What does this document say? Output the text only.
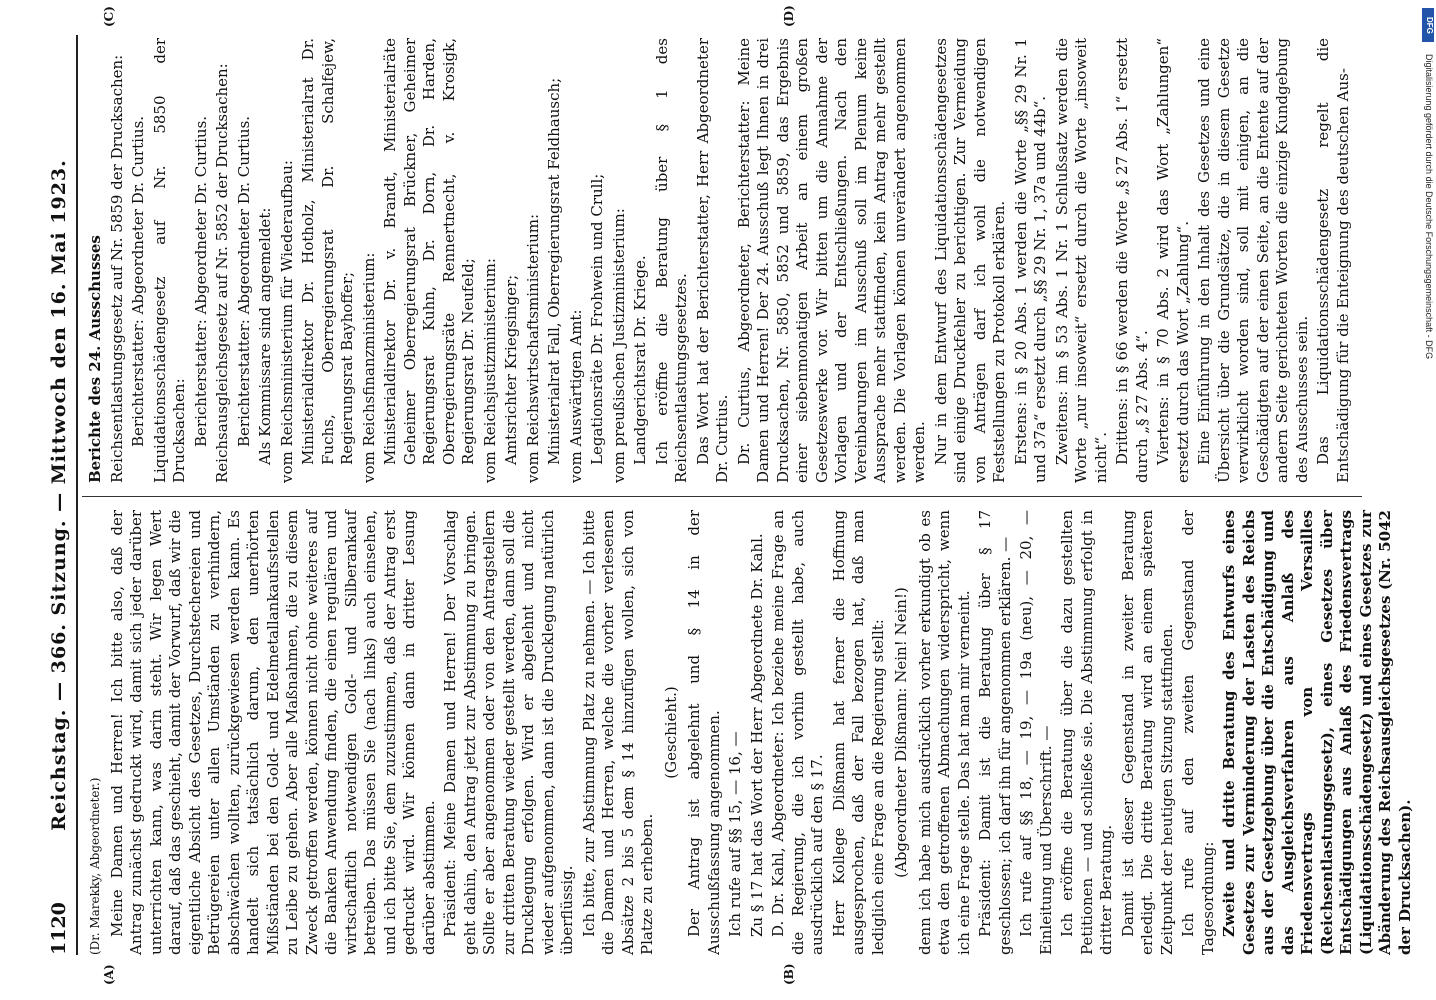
1120
Reichstag. — 366. Sitzung. — Mittwoch den 16. Mai 1923.
(A)	(B)
(C)	(D)

(Dr. Marekky, Abgeordneter.) Meine Damen und Herren! Ich bitte also, daß der Antrag zunächst gedruckt wird, damit sich jeder darüber unterrichten kann, was darin steht. Wir legen Wert darauf, daß das geschieht, damit der Vorwurf, daß wir die eigentliche Absicht des Gesetzes, Durchstechereien und Betrügereien unter allen Umständen zu verhindern, abschwächen wollten, zurückgewiesen werden kann. Es handelt sich tatsächlich darum, den unerhörten Mißständen bei den Gold- und Edelmetallankaufsstellen zu Leibe zu gehen. Aber alle Maßnahmen, die zu diesem Zweck getroffen werden, können nicht ohne weiteres auf die Banken Anwendung finden, die einen regulären und wirtschaftlich notwendigen Gold- und Silberankauf betreiben. Das müssen Sie (nach links) auch einsehen, und ich bitte Sie, dem zuzustimmen, daß der Antrag erst gedruckt wird. Wir können dann in dritter Lesung darüber abstimmen. Präsident: Meine Damen und Herren! Der Vorschlag geht dahin, den Antrag jetzt zur Abstimmung zu bringen. Sollte er aber angenommen oder von den Antragstellern zur dritten Beratung wieder gestellt werden, dann soll die Drucklegung erfolgen. Wird er abgelehnt und nicht wieder aufgenommen, dann ist die Drucklegung natürlich überflüssig. Ich bitte, zur Abstimmung Platz zu nehmen. — Ich bitte die Damen und Herren, welche die vorher verlesenen Absätze 2 bis 5 dem § 14 hinzufügen wollen, sich von Platze zu erheben.

(Geschieht.) Der Antrag ist abgelehnt und § 14 in der Ausschußfassung angenommen. Ich rufe auf §§ 15, — 16, — Zu § 17 hat das Wort der Herr Abgeordnete Dr. Kahl. D. Dr. Kahl, Abgeordneter: Ich beziehe meine Frage an die Regierung, die ich vorhin gestellt habe, auch ausdrücklich auf den § 17. Herr Kollege Dißmann hat ferner die Hoffnung ausgesprochen, daß der Fall bezogen hat, daß man lediglich eine Frage an die Regierung stellt: (Abgeordneter Dißmann: Nein! Nein!) denn ich habe mich ausdrücklich vorher erkundigt ob es etwa den getroffenen Abmachungen widerspricht, wenn ich eine Frage stelle. Das hat man mir verneint. Präsident: Damit ist die Beratung über § 17 geschlossen; ich darf ihn für angenommen erklären. — Ich rufe auf §§ 18, — 19, — 19a (neu), — 20, — Einleitung und Überschrift. — Ich eröffne die Beratung über die dazu gestellten Petitionen — und schließe sie. Die Abstimmung erfolgt in dritter Beratung. Damit ist dieser Gegenstand in zweiter Beratung erledigt. Die dritte Beratung wird an einem späteren Zeitpunkt der heutigen Sitzung stattfinden. Ich rufe auf den zweiten Gegenstand der Tagesordnung: Zweite und dritte Beratung des Entwurfs eines Gesetzes zur Verminderung der Lasten des Reichs aus der Gesetzgebung über die Entschädigung und das Ausgleichsverfahren aus Anlaß des Friedensvertrags von Versailles (Reichsentlastungsgesetz), eines Gesetzes über Entschädigungen aus Anlaß des Friedensvertrags (Liquidationsschädengesetz) und eines Gesetzes zur Abänderung des Reichsausgleichsgesetzes (Nr. 5042 der Drucksachen).

Berichte des 24. Ausschusses Reichsentlastungsgesetz auf Nr. 5859 der Drucksachen: Berichterstatter: Abgeordneter Dr. Curtius. Liquidationsschädengesetz auf Nr. 5850 der Drucksachen: Berichterstatter: Abgeordneter Dr. Curtius. Reichsausgleichsgesetz auf Nr. 5852 der Drucksachen: Berichterstatter: Abgeordneter Dr. Curtius. Als Kommissare sind angemeldet: vom Reichsministerium für Wiederaufbau: Ministerialdirektor Dr. Hotholz, Ministerialrat Dr. Fuchs, Oberregierungsrat Dr. Schalfejew, Regierungsrat Bayhoffer; vom Reichsfinanzministerium: Ministerialdirektor Dr. v. Brandt, Ministerialräte Geheimer Oberregierungsrat Brückner, Geheimer Regierungsrat Kuhn, Dr. Dorn, Dr. Harden, Oberregierungsräte Rennertnecht, v. Krosigk, Regierungsrat Dr. Neufeld; vom Reichsjustizministerium: Amtsrichter Kriegsinger; vom Reichswirtschaftsministerium: Ministerialrat Fall, Oberregierungsrat Feldhausch; vom Auswärtigen Amt: Legationsräte Dr. Frohwein und Crull; vom preußischen Justizministerium: Landgerichtsrat Dr. Kriege. Ich eröffne die Beratung über § 1 des Reichsentlastungsgesetzes. Das Wort hat der Berichterstatter, Herr Abgeordneter Dr. Curtius. Dr. Curtius, Abgeordneter, Berichterstatter: Meine Damen und Herren! Der 24. Ausschuß legt Ihnen in drei Drucksachen, Nr. 5850, 5852 und 5859, das Ergebnis einer siebenmonatigen Arbeit an einem großen Gesetzeswerke vor. Wir bitten um die Annahme der Vorlagen und der Entschließungen. Nach den Vereinbarungen im Ausschuß soll im Plenum keine Aussprache mehr stattfinden, kein Antrag mehr gestellt werden. Die Vorlagen können unverändert angenommen werden. Nur in dem Entwurf des Liquidationsschädengesetzes sind einige Druckfehler zu berichtigen. Zur Vermeidung von Anträgen darf ich wohl die notwendigen Feststellungen zu Protokoll erklären. Erstens: in § 20 Abs. 1 werden die Worte „§§ 29 Nr. 1 und 37a“ ersetzt durch „§§ 29 Nr. 1, 37a und 44b“. Zweitens: im § 53 Abs. 1 Nr. 1 Schlußsatz werden die Worte „nur insoweit“ ersetzt durch die Worte „insoweit nicht“. Drittens: in § 66 werden die Worte „§ 27 Abs. 1“ ersetzt durch „§ 27 Abs. 4“. Viertens: in § 70 Abs. 2 wird das Wort „Zahlungen“ ersetzt durch das Wort „Zahlung“. Eine Einführung in den Inhalt des Gesetzes und eine Übersicht über die Grundsätze, die in diesem Gesetze verwirklicht worden sind, soll mit einigen, an die Geschädigten auf der einen Seite, an die Entente auf der andern Seite gerichteten Worten die einzige Kundgebung des Ausschusses sein. Das Liquidationsschädengesetz regelt die Entschädigung für die Enteignung des deutschen Aus-

DFG
Digitalisierung gefördert durch die Deutsche Forschungsgemeinschaft - DFG
